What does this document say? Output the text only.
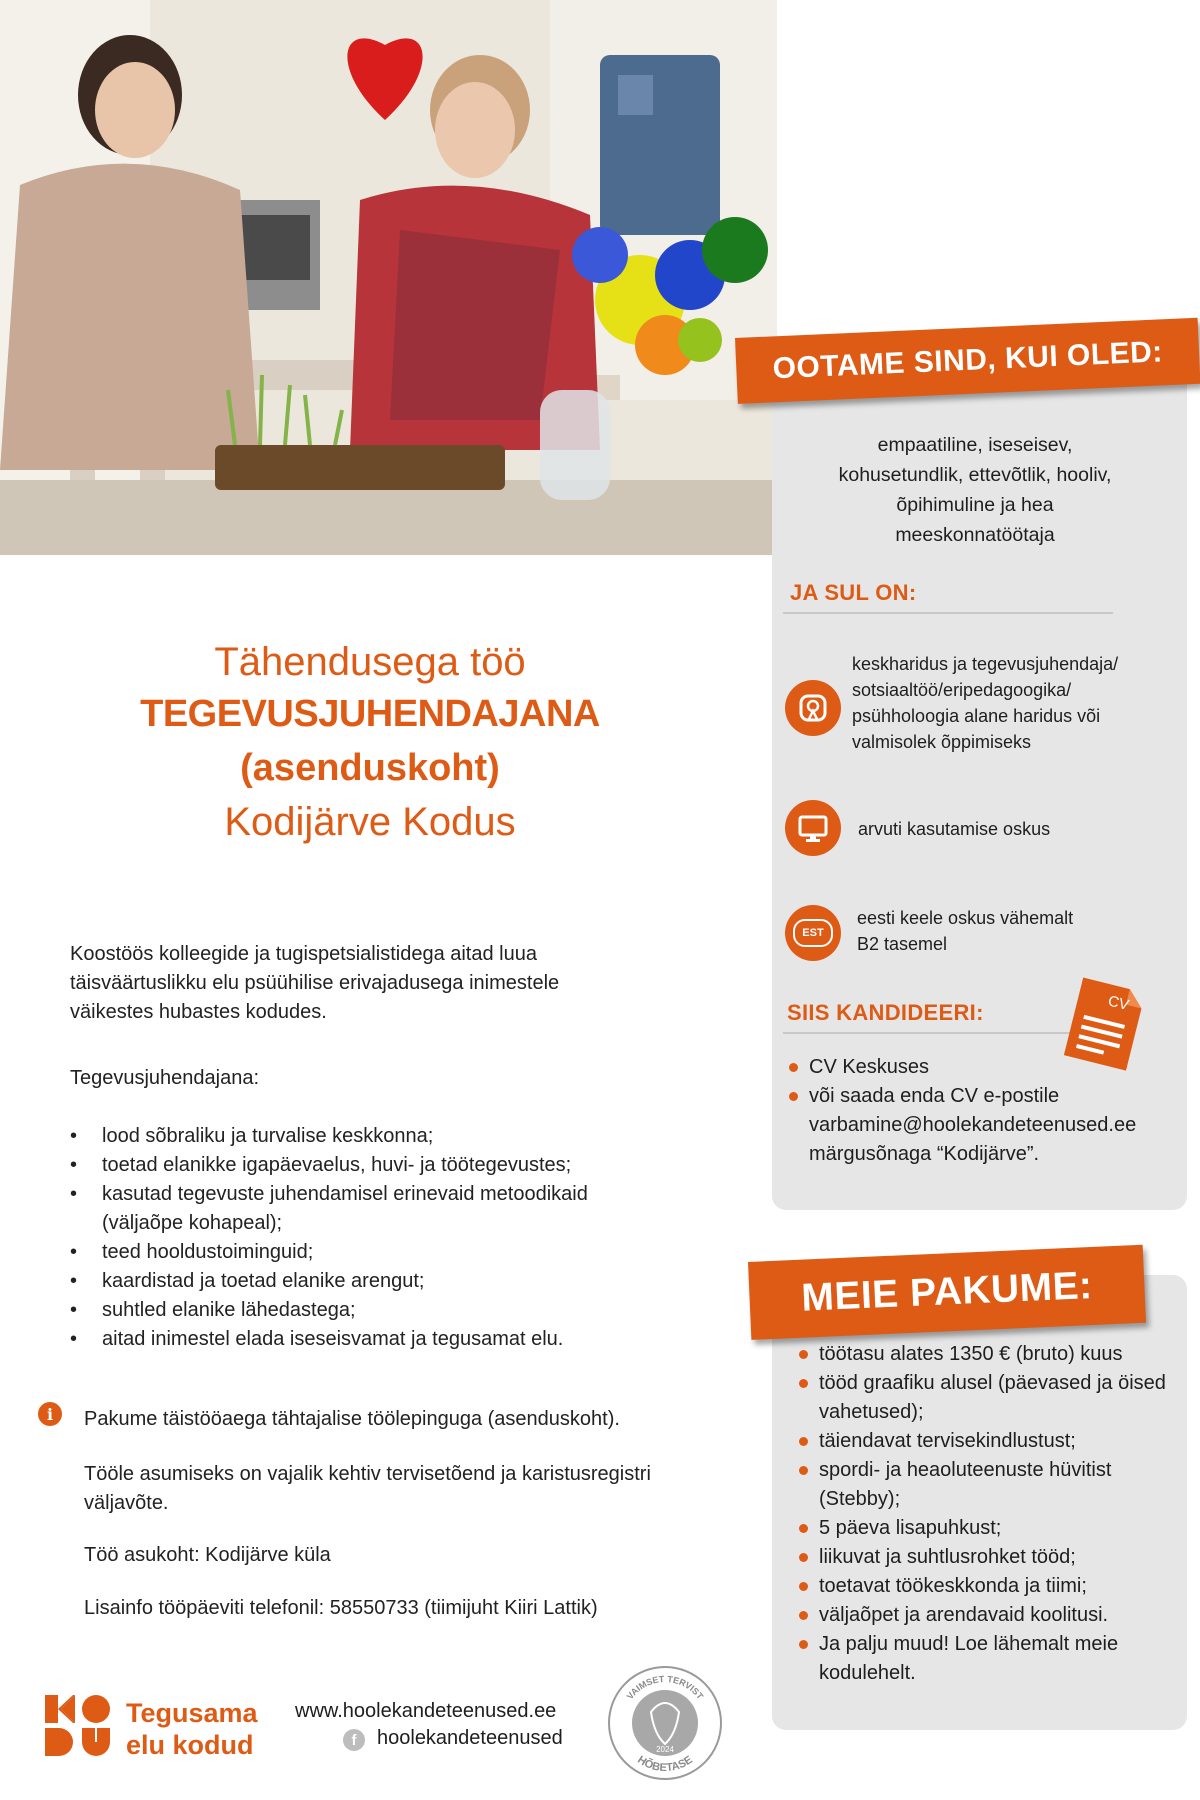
OOTAME SIND, KUI OLED:
empaatiline, iseseisev,
kohusetundlik, ettevõtlik, hooliv,
õpihimuline ja hea
meeskonnatöötaja
JA SUL ON:
keskharidus ja tegevusjuhendaja/ sotsiaaltöö/eripedagoogika/ psühholoogia alane haridus või valmisolek õppimiseks
arvuti kasutamise oskus
EST
eesti keele oskus vähemalt B2 tasemel
SIIS KANDIDEERI:	CV
CV Keskuses
või saada enda CV e-postile varbamine@hoolekandeteenused.ee märgusõnaga “Kodijärve”.
MEIE PAKUME:
töötasu alates 1350 € (bruto) kuus
tööd graafiku alusel (päevased ja öised vahetused);
täiendavat tervisekindlustust;
spordi- ja heaoluteenuste hüvitist (Stebby);
5 päeva lisapuhkust;
liikuvat ja suhtlusrohket tööd;
toetavat töökeskkonda ja tiimi;
väljaõpet ja arendavaid koolitusi.
Ja palju muud! Loe lähemalt meie kodulehelt.
Tähendusega töö
TEGEVUSJUHENDAJANA
(asenduskoht)
Kodijärve Kodus
Koostöös kolleegide ja tugispetsialistidega aitad luua täisväärtuslikku elu psüühilise erivajadusega inimestele väikestes hubastes kodudes.
Tegevusjuhendajana:
• lood sõbraliku ja turvalise keskkonna;
• toetad elanikke igapäevaelus, huvi- ja töötegevustes;
• kasutad tegevuste juhendamisel erinevaid metoodikaid (väljaõpe kohapeal);
• teed hooldustoiminguid;
• kaardistad ja toetad elanike arengut;
• suhtled elanike lähedastega;
• aitad inimestel elada iseseisvamat ja tegusamat elu.
i	Pakume täistööaega tähtajalise töölepinguga (asenduskoht).
Tööle asumiseks on vajalik kehtiv tervisetõend ja karistusregistri väljavõte.
Töö asukoht: Kodijärve küla
Lisainfo tööpäeviti telefonil: 58550733 (tiimijuht Kiiri Lattik)
Tegusama
elu kodud
www.hoolekandeteenused.ee
f	hoolekandeteenused
VAIMSET TERVIST
HÕBETASE
2024
